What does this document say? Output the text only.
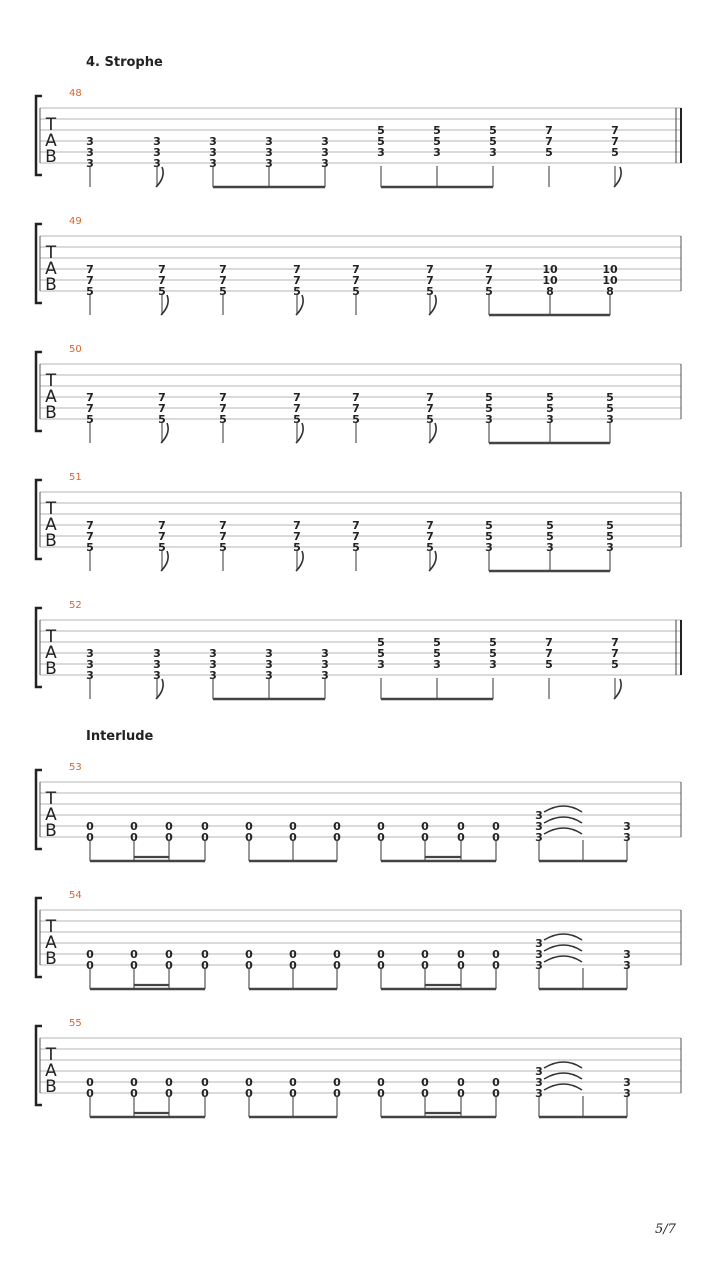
4. Strophe
Interlude
T
A
B
48
3
3
3
3
3
3
3
3
3
3
3
3
3
3
3
5
5
3
5
5
3
5
5
3
7
7
5
7
7
5
T
A
B
49
7
7
5
7
7
5
7
7
5
7
7
5
7
7
5
7
7
5
7
7
5
10
10
8
10
10
8
T
A
B
50
7
7
5
7
7
5
7
7
5
7
7
5
7
7
5
7
7
5
5
5
3
5
5
3
5
5
3
T
A
B
51
7
7
5
7
7
5
7
7
5
7
7
5
7
7
5
7
7
5
5
5
3
5
5
3
5
5
3
T
A
B
52
3
3
3
3
3
3
3
3
3
3
3
3
3
3
3
5
5
3
5
5
3
5
5
3
7
7
5
7
7
5
T
A
B
53
0
0
0
0
0
0
0
0
0
0
0
0
0
0
0
0
0
0
0
0
0
0
3
3
3
3
3
T
A
B
54
0
0
0
0
0
0
0
0
0
0
0
0
0
0
0
0
0
0
0
0
0
0
3
3
3
3
3
T
A
B
55
0
0
0
0
0
0
0
0
0
0
0
0
0
0
0
0
0
0
0
0
0
0
3
3
3
3
3
5/7
